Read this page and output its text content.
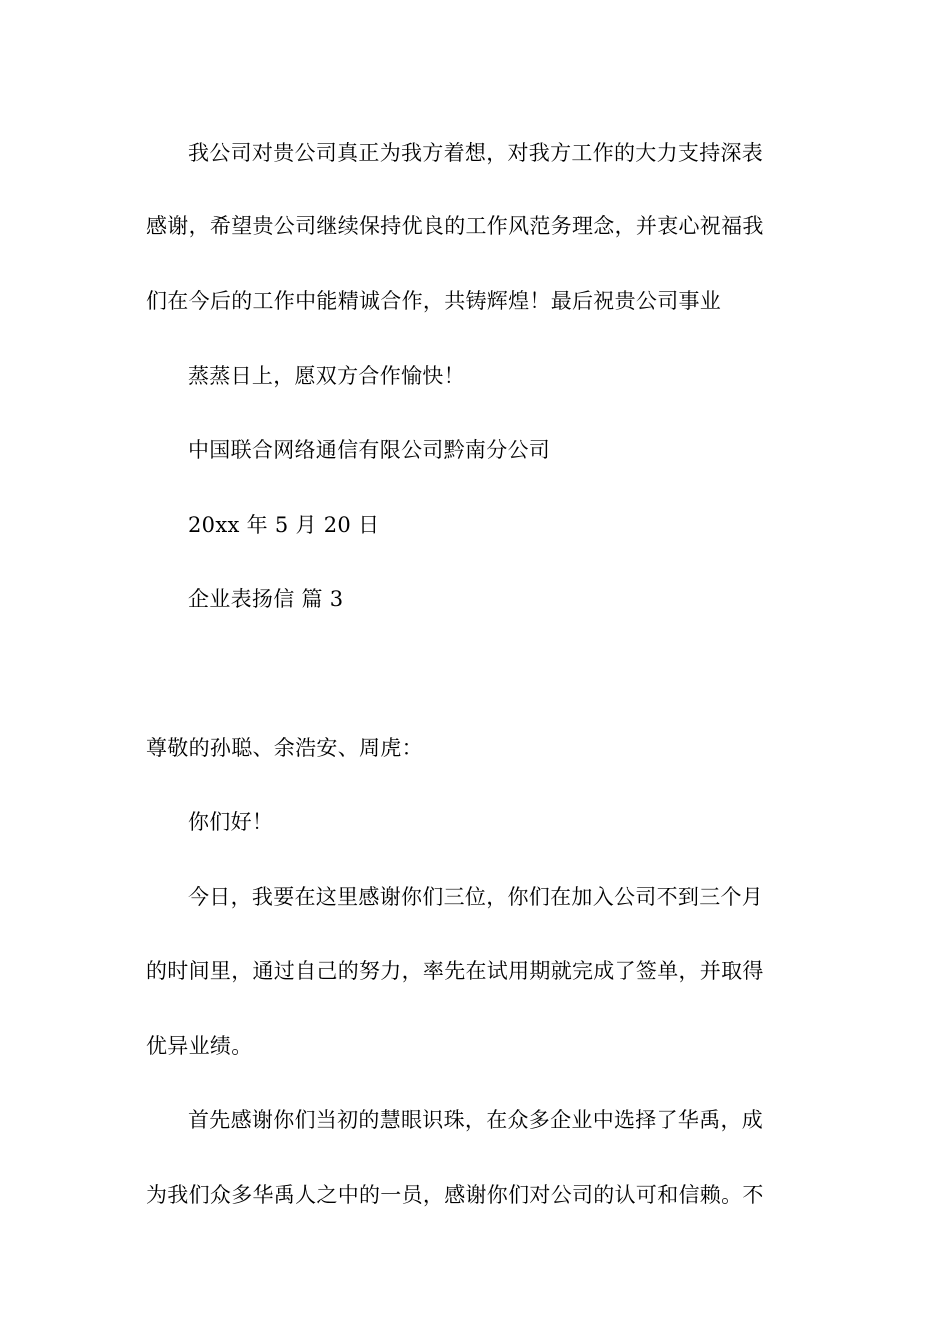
我公司对贵公司真正为我方着想，对我方工作的大力支持深表
感谢，希望贵公司继续保持优良的工作风范务理念，并衷心祝福我
们在今后的工作中能精诚合作，共铸辉煌！最后祝贵公司事业
蒸蒸日上，愿双方合作愉快！
中国联合网络通信有限公司黔南分公司
20xx 年 5 月 20 日
企业表扬信 篇 3
尊敬的孙聪、余浩安、周虎：
你们好！
今日，我要在这里感谢你们三位，你们在加入公司不到三个月
的时间里，通过自己的努力，率先在试用期就完成了签单，并取得
优异业绩。
首先感谢你们当初的慧眼识珠，在众多企业中选择了华禹，成
为我们众多华禹人之中的一员，感谢你们对公司的认可和信赖。不
